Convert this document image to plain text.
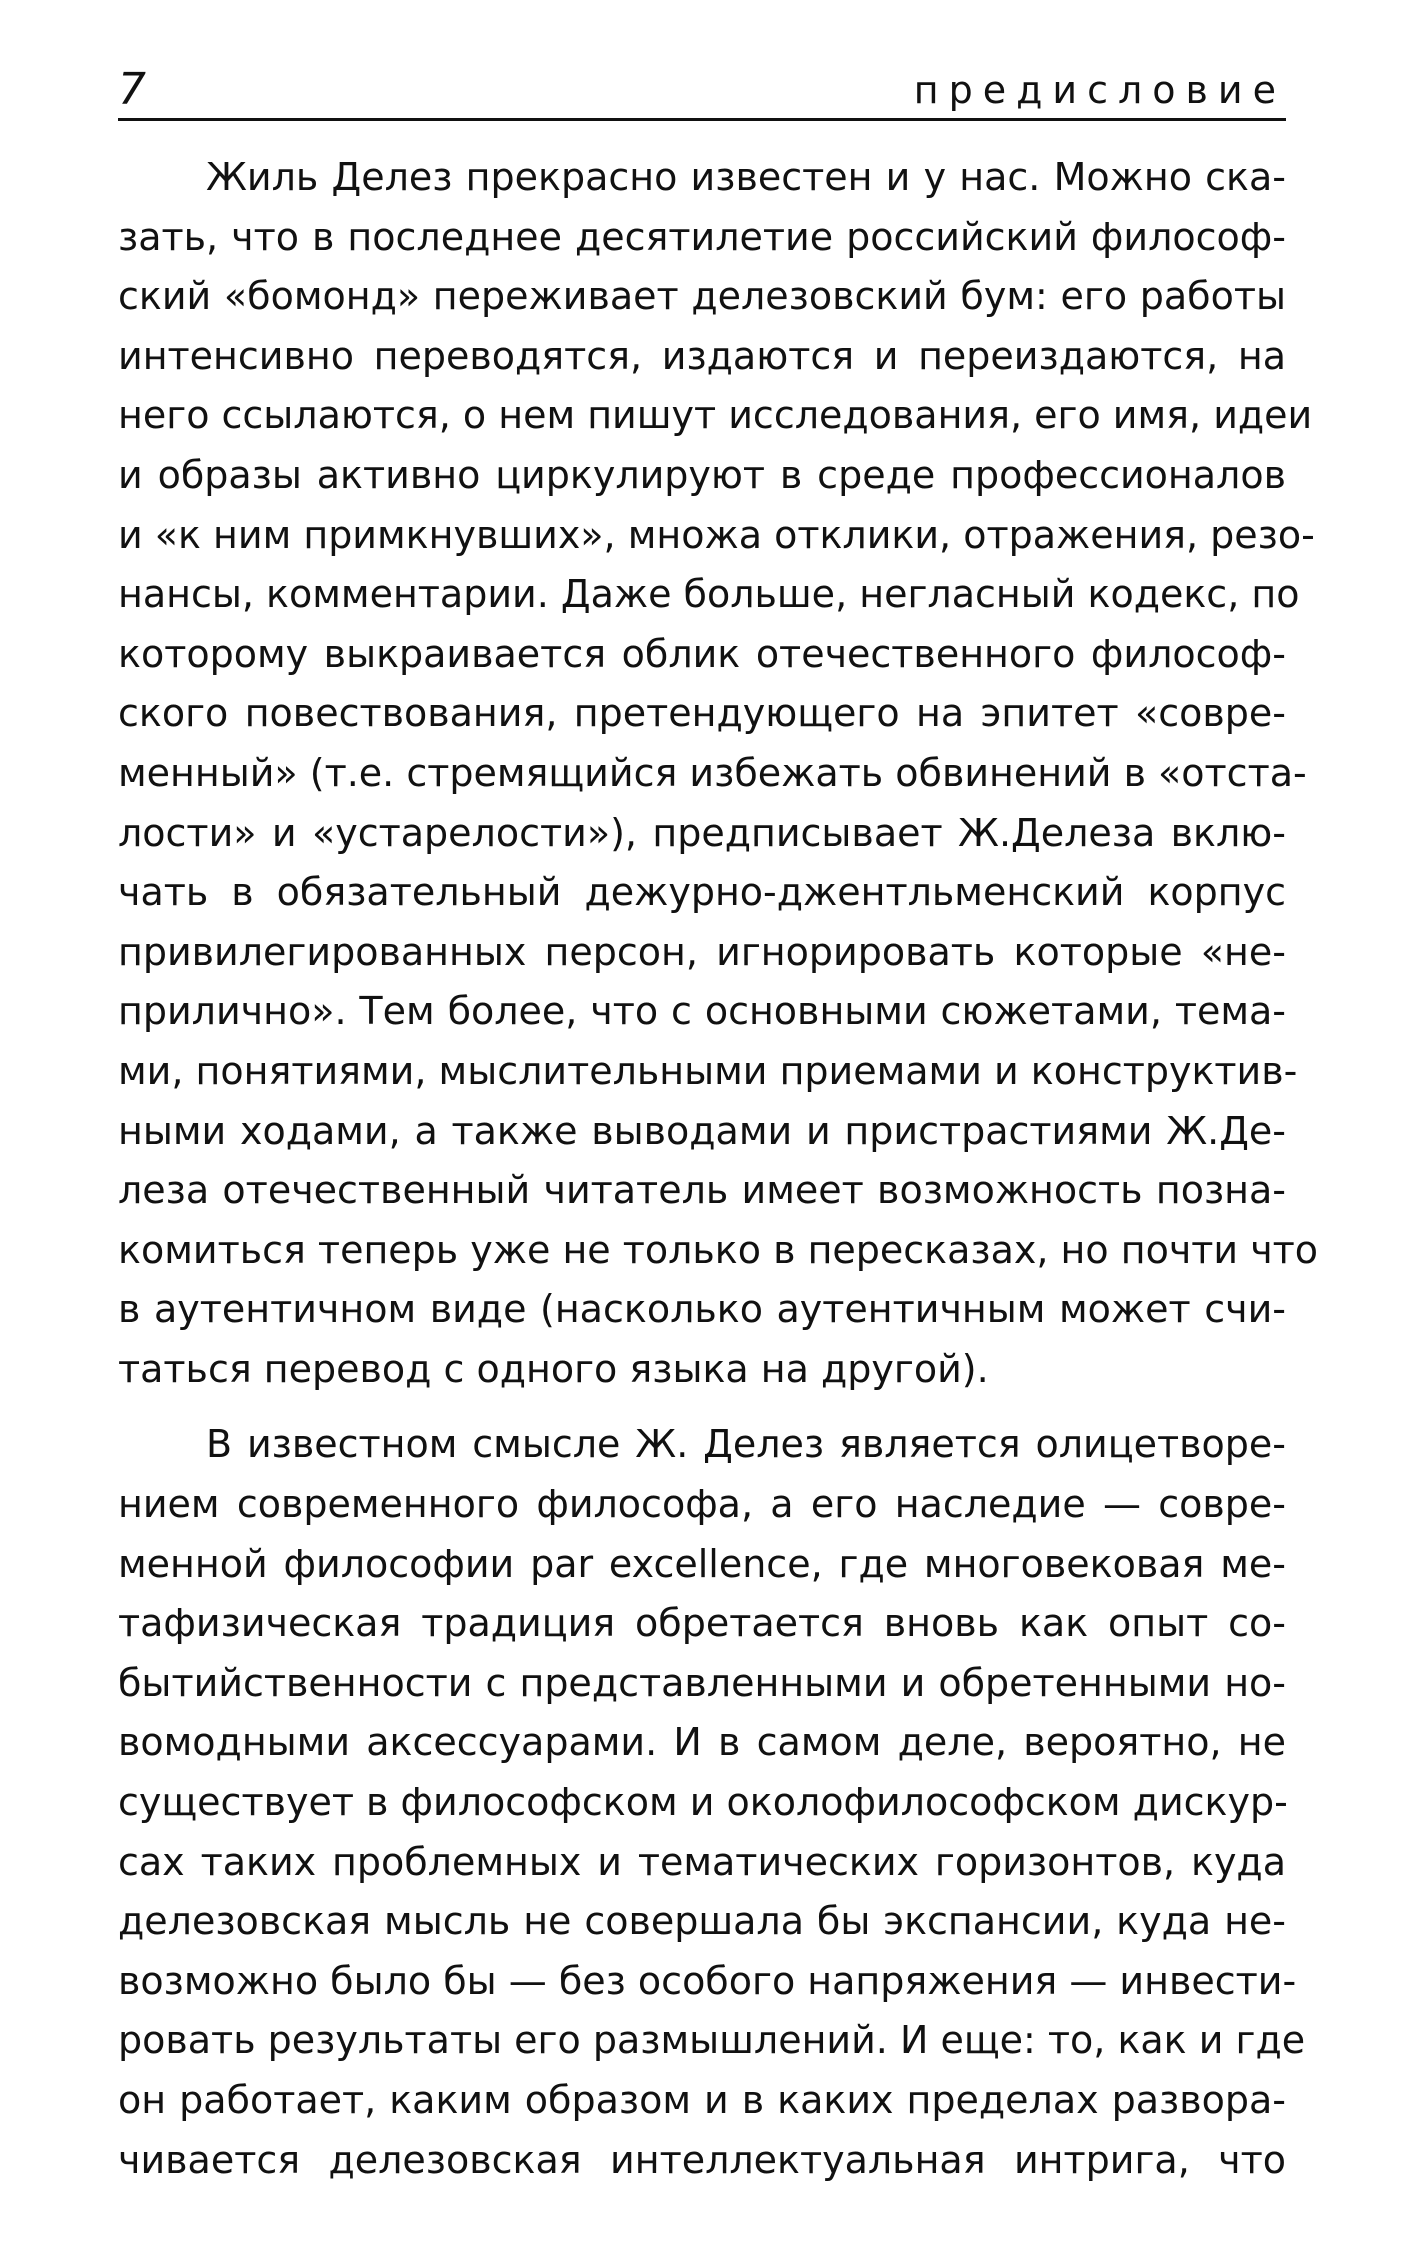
7	предисловие
Жиль Делез прекрасно известен и у нас. Можно ска-
зать, что в последнее десятилетие российский философ-
ский «бомонд» переживает делезовский бум: его работы
интенсивно переводятся, издаются и переиздаются, на
него ссылаются, о нем пишут исследования, его имя, идеи
и образы активно циркулируют в среде профессионалов
и «к ним примкнувших», множа отклики, отражения, резо-
нансы, комментарии. Даже больше, негласный кодекс, по
которому выкраивается облик отечественного философ-
ского повествования, претендующего на эпитет «совре-
менный» (т.е. стремящийся избежать обвинений в «отста-
лости» и «устарелости»), предписывает Ж.Делеза вклю-
чать в обязательный дежурно-джентльменский корпус
привилегированных персон, игнорировать которые «не-
прилично». Тем более, что с основными сюжетами, тема-
ми, понятиями, мыслительными приемами и конструктив-
ными ходами, а также выводами и пристрастиями Ж.Де-
леза отечественный читатель имеет возможность позна-
комиться теперь уже не только в пересказах, но почти что
в аутентичном виде (насколько аутентичным может счи-
таться перевод с одного языка на другой).
В известном смысле Ж. Делез является олицетворе-
нием современного философа, а его наследие — совре-
менной философии par excellence, где многовековая ме-
тафизическая традиция обретается вновь как опыт со-
бытийственности с представленными и обретенными но-
вомодными аксессуарами. И в самом деле, вероятно, не
существует в философском и околофилософском дискур-
сах таких проблемных и тематических горизонтов, куда
делезовская мысль не совершала бы экспансии, куда не-
возможно было бы — без особого напряжения — инвести-
ровать результаты его размышлений. И еще: то, как и где
он работает, каким образом и в каких пределах развора-
чивается делезовская интеллектуальная интрига, что
